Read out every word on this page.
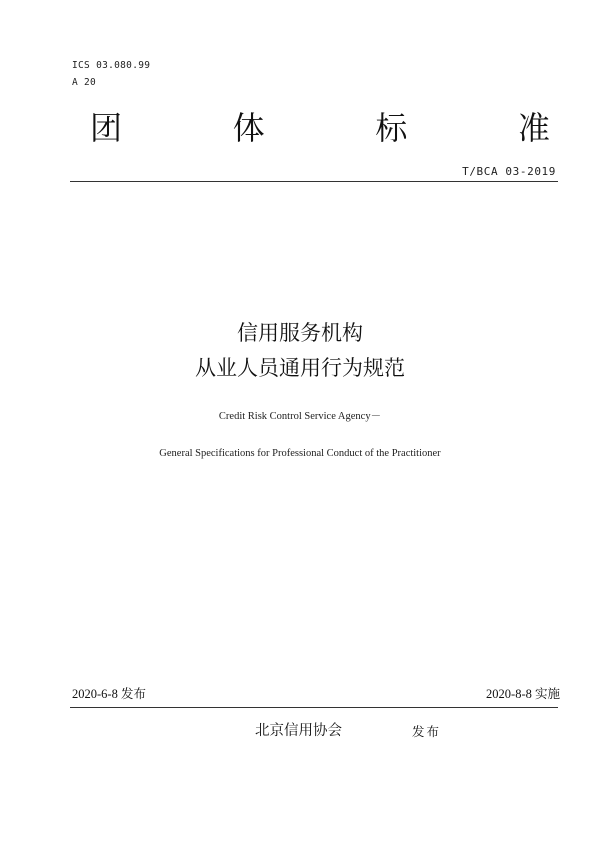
ICS 03.080.99
A 20
团	体	标	准
T/BCA 03-2019
信用服务机构
从业人员通用行为规范
Credit Risk Control Service Agency－
General Specifications for Professional Conduct of the Practitioner
2020-6-8 发布	2020-8-8 实施
北京信用协会	发布
